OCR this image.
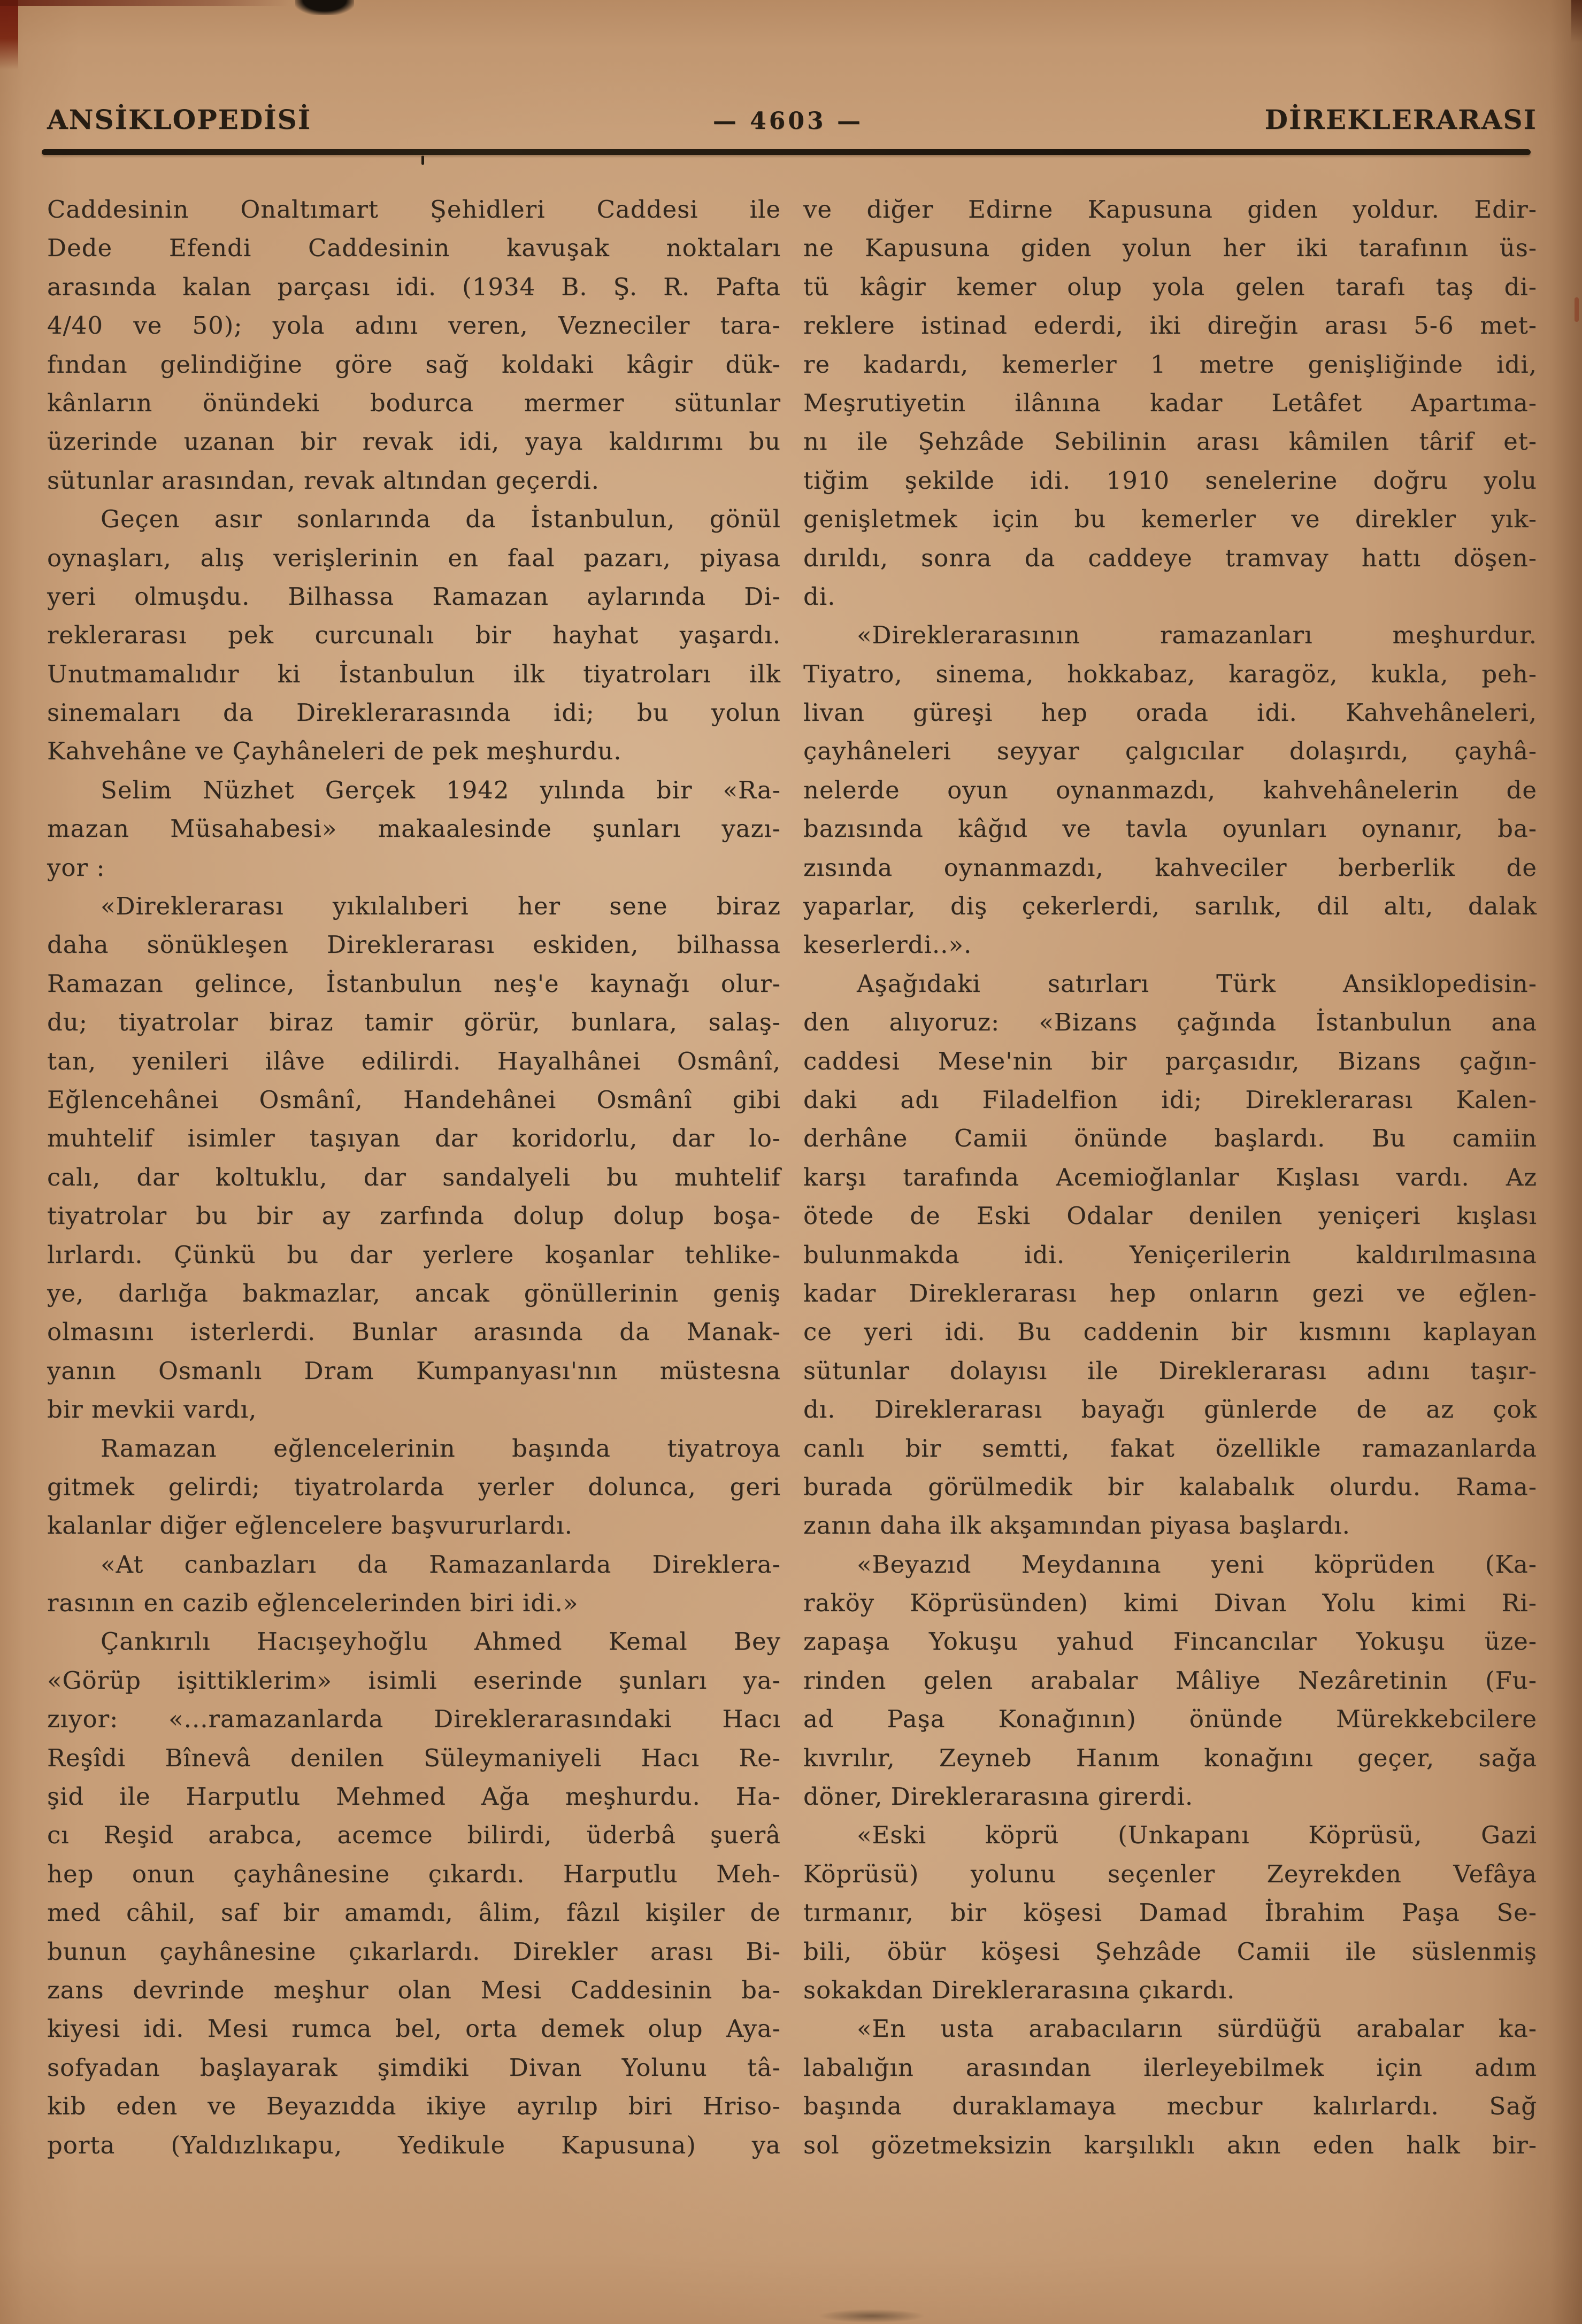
ANSİKLOPEDİSİ	— 4603 —	DİREKLERARASI
Caddesinin Onaltımart Şehidleri Caddesi ile
Dede Efendi Caddesinin kavuşak noktaları
arasında kalan parçası idi. (1934 B. Ş. R. Pafta
4/40 ve 50); yola adını veren, Vezneciler tara-
fından gelindiğine göre sağ koldaki kâgir dük-
kânların önündeki bodurca mermer sütunlar
üzerinde uzanan bir revak idi, yaya kaldırımı bu
sütunlar arasından, revak altından geçerdi.
Geçen asır sonlarında da İstanbulun, gönül
oynaşları, alış verişlerinin en faal pazarı, piyasa
yeri olmuşdu. Bilhassa Ramazan aylarında Di-
reklerarası pek curcunalı bir hayhat yaşardı.
Unutmamalıdır ki İstanbulun ilk tiyatroları ilk
sinemaları da Direklerarasında idi; bu yolun
Kahvehâne ve Çayhâneleri de pek meşhurdu.
Selim Nüzhet Gerçek 1942 yılında bir «Ra-
mazan Müsahabesi» makaalesinde şunları yazı-
yor :
«Direklerarası yıkılalıberi her sene biraz
daha sönükleşen Direklerarası eskiden, bilhassa
Ramazan gelince, İstanbulun neş'e kaynağı olur-
du; tiyatrolar biraz tamir görür, bunlara, salaş-
tan, yenileri ilâve edilirdi. Hayalhânei Osmânî,
Eğlencehânei Osmânî, Handehânei Osmânî gibi
muhtelif isimler taşıyan dar koridorlu, dar lo-
calı, dar koltuklu, dar sandalyeli bu muhtelif
tiyatrolar bu bir ay zarfında dolup dolup boşa-
lırlardı. Çünkü bu dar yerlere koşanlar tehlike-
ye, darlığa bakmazlar, ancak gönüllerinin geniş
olmasını isterlerdi. Bunlar arasında da Manak-
yanın Osmanlı Dram Kumpanyası'nın müstesna
bir mevkii vardı,
Ramazan eğlencelerinin başında tiyatroya
gitmek gelirdi; tiyatrolarda yerler dolunca, geri
kalanlar diğer eğlencelere başvururlardı.
«At canbazları da Ramazanlarda Direklera-
rasının en cazib eğlencelerinden biri idi.»
Çankırılı Hacışeyhoğlu Ahmed Kemal Bey
«Görüp işittiklerim» isimli eserinde şunları ya-
zıyor: «...ramazanlarda Direklerarasındaki Hacı
Reşîdi Bînevâ denilen Süleymaniyeli Hacı Re-
şid ile Harputlu Mehmed Ağa meşhurdu. Ha-
cı Reşid arabca, acemce bilirdi, üderbâ şuerâ
hep onun çayhânesine çıkardı. Harputlu Meh-
med câhil, saf bir amamdı, âlim, fâzıl kişiler de
bunun çayhânesine çıkarlardı. Direkler arası Bi-
zans devrinde meşhur olan Mesi Caddesinin ba-
kiyesi idi. Mesi rumca bel, orta demek olup Aya-
sofyadan başlayarak şimdiki Divan Yolunu tâ-
kib eden ve Beyazıdda ikiye ayrılıp biri Hriso-
porta (Yaldızlıkapu, Yedikule Kapusuna) ya
ve diğer Edirne Kapusuna giden yoldur. Edir-
ne Kapusuna giden yolun her iki tarafının üs-
tü kâgir kemer olup yola gelen tarafı taş di-
reklere istinad ederdi, iki direğin arası 5-6 met-
re kadardı, kemerler 1 metre genişliğinde idi,
Meşrutiyetin ilânına kadar Letâfet Apartıma-
nı ile Şehzâde Sebilinin arası kâmilen târif et-
tiğim şekilde idi. 1910 senelerine doğru yolu
genişletmek için bu kemerler ve direkler yık-
dırıldı, sonra da caddeye tramvay hattı döşen-
di.
«Direklerarasının ramazanları meşhurdur.
Tiyatro, sinema, hokkabaz, karagöz, kukla, peh-
livan güreşi hep orada idi. Kahvehâneleri,
çayhâneleri seyyar çalgıcılar dolaşırdı, çayhâ-
nelerde oyun oynanmazdı, kahvehânelerin de
bazısında kâğıd ve tavla oyunları oynanır, ba-
zısında oynanmazdı, kahveciler berberlik de
yaparlar, diş çekerlerdi, sarılık, dil altı, dalak
keserlerdi..».
Aşağıdaki satırları Türk Ansiklopedisin-
den alıyoruz: «Bizans çağında İstanbulun ana
caddesi Mese'nin bir parçasıdır, Bizans çağın-
daki adı Filadelfion idi; Direklerarası Kalen-
derhâne Camii önünde başlardı. Bu camiin
karşı tarafında Acemioğlanlar Kışlası vardı. Az
ötede de Eski Odalar denilen yeniçeri kışlası
bulunmakda idi. Yeniçerilerin kaldırılmasına
kadar Direklerarası hep onların gezi ve eğlen-
ce yeri idi. Bu caddenin bir kısmını kaplayan
sütunlar dolayısı ile Direklerarası adını taşır-
dı. Direklerarası bayağı günlerde de az çok
canlı bir semtti, fakat özellikle ramazanlarda
burada görülmedik bir kalabalık olurdu. Rama-
zanın daha ilk akşamından piyasa başlardı.
«Beyazıd Meydanına yeni köprüden (Ka-
raköy Köprüsünden) kimi Divan Yolu kimi Ri-
zapaşa Yokuşu yahud Fincancılar Yokuşu üze-
rinden gelen arabalar Mâliye Nezâretinin (Fu-
ad Paşa Konağının) önünde Mürekkebcilere
kıvrılır, Zeyneb Hanım konağını geçer, sağa
döner, Direklerarasına girerdi.
«Eski köprü (Unkapanı Köprüsü, Gazi
Köprüsü) yolunu seçenler Zeyrekden Vefâya
tırmanır, bir köşesi Damad İbrahim Paşa Se-
bili, öbür köşesi Şehzâde Camii ile süslenmiş
sokakdan Direklerarasına çıkardı.
«En usta arabacıların sürdüğü arabalar ka-
labalığın arasından ilerleyebilmek için adım
başında duraklamaya mecbur kalırlardı. Sağ
sol gözetmeksizin karşılıklı akın eden halk bir-
